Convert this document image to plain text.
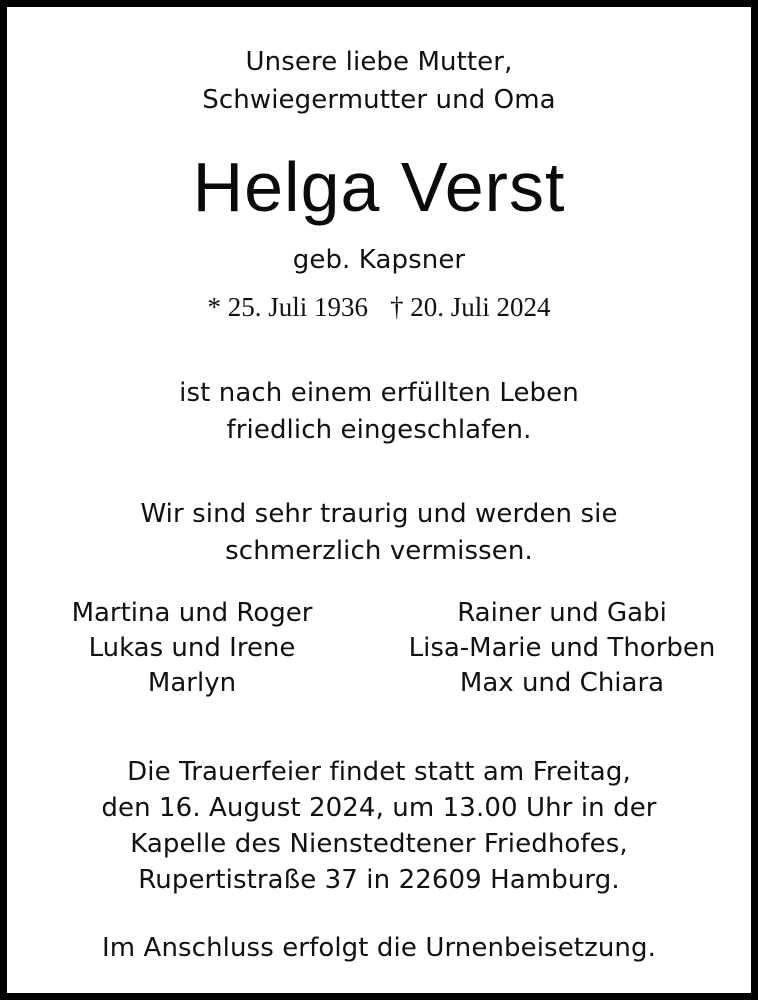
Unsere liebe Mutter,
Schwiegermutter und Oma
Helga Verst
geb. Kapsner
* 25. Juli 1936 † 20. Juli 2024
ist nach einem erfüllten Leben
friedlich eingeschlafen.
Wir sind sehr traurig und werden sie
schmerzlich vermissen.
Martina und Roger
Lukas und Irene
Marlyn
Rainer und Gabi
Lisa-Marie und Thorben
Max und Chiara
Die Trauerfeier findet statt am Freitag,
den 16. August 2024, um 13.00 Uhr in der
Kapelle des Nienstedtener Friedhofes,
Rupertistraße 37 in 22609 Hamburg.
Im Anschluss erfolgt die Urnenbeisetzung.
